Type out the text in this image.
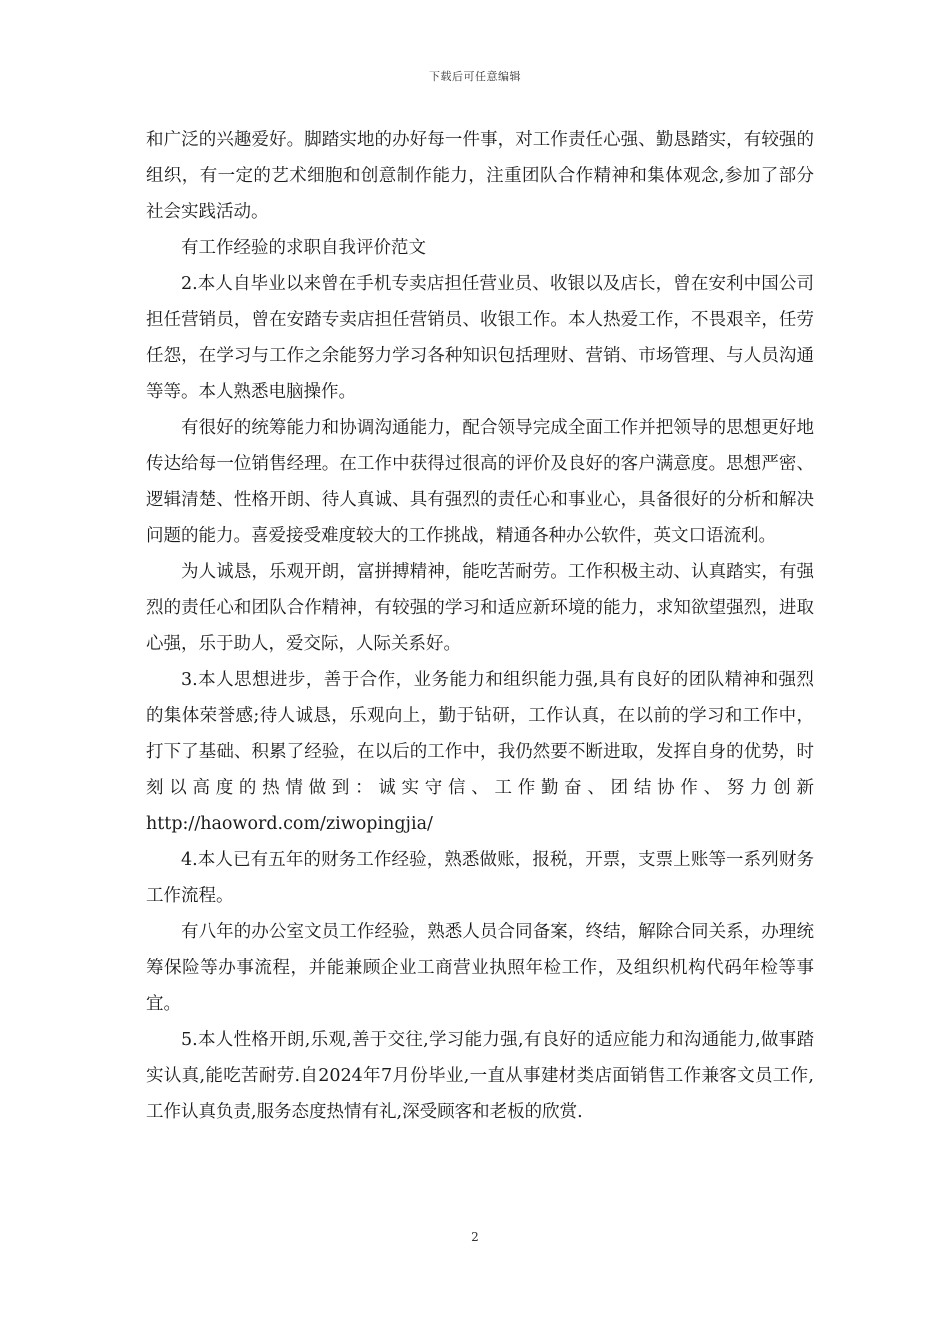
下载后可任意编辑

和广泛的兴趣爱好。脚踏实地的办好每一件事，对工作责任心强、勤恳踏实，有较强的组织，有一定的艺术细胞和创意制作能力，注重团队合作精神和集体观念,参加了部分社会实践活动。

有工作经验的求职自我评价范文

2.本人自毕业以来曾在手机专卖店担任营业员、收银以及店长，曾在安利中国公司担任营销员，曾在安踏专卖店担任营销员、收银工作。本人热爱工作，不畏艰辛，任劳任怨，在学习与工作之余能努力学习各种知识包括理财、营销、市场管理、与人员沟通等等。本人熟悉电脑操作。

有很好的统筹能力和协调沟通能力，配合领导完成全面工作并把领导的思想更好地传达给每一位销售经理。在工作中获得过很高的评价及良好的客户满意度。思想严密、逻辑清楚、性格开朗、待人真诚、具有强烈的责任心和事业心，具备很好的分析和解决问题的能力。喜爱接受难度较大的工作挑战，精通各种办公软件，英文口语流利。

为人诚恳，乐观开朗，富拼搏精神，能吃苦耐劳。工作积极主动、认真踏实，有强烈的责任心和团队合作精神，有较强的学习和适应新环境的能力，求知欲望强烈，进取心强，乐于助人，爱交际，人际关系好。

3.本人思想进步，善于合作，业务能力和组织能力强,具有良好的团队精神和强烈的集体荣誉感;待人诚恳，乐观向上，勤于钻研，工作认真，在以前的学习和工作中，打下了基础、积累了经验，在以后的工作中，我仍然要不断进取，发挥自身的优势，时刻以高度的热情做到：诚实守信、工作勤奋、团结协作、努力创新 http://haoword.com/ziwopingjia/

4.本人已有五年的财务工作经验，熟悉做账，报税，开票，支票上账等一系列财务工作流程。

有八年的办公室文员工作经验，熟悉人员合同备案，终结，解除合同关系，办理统筹保险等办事流程，并能兼顾企业工商营业执照年检工作，及组织机构代码年检等事宜。

5.本人性格开朗,乐观,善于交往,学习能力强,有良好的适应能力和沟通能力,做事踏实认真,能吃苦耐劳.自2024年7月份毕业,一直从事建材类店面销售工作兼客文员工作,工作认真负责,服务态度热情有礼,深受顾客和老板的欣赏.

2
